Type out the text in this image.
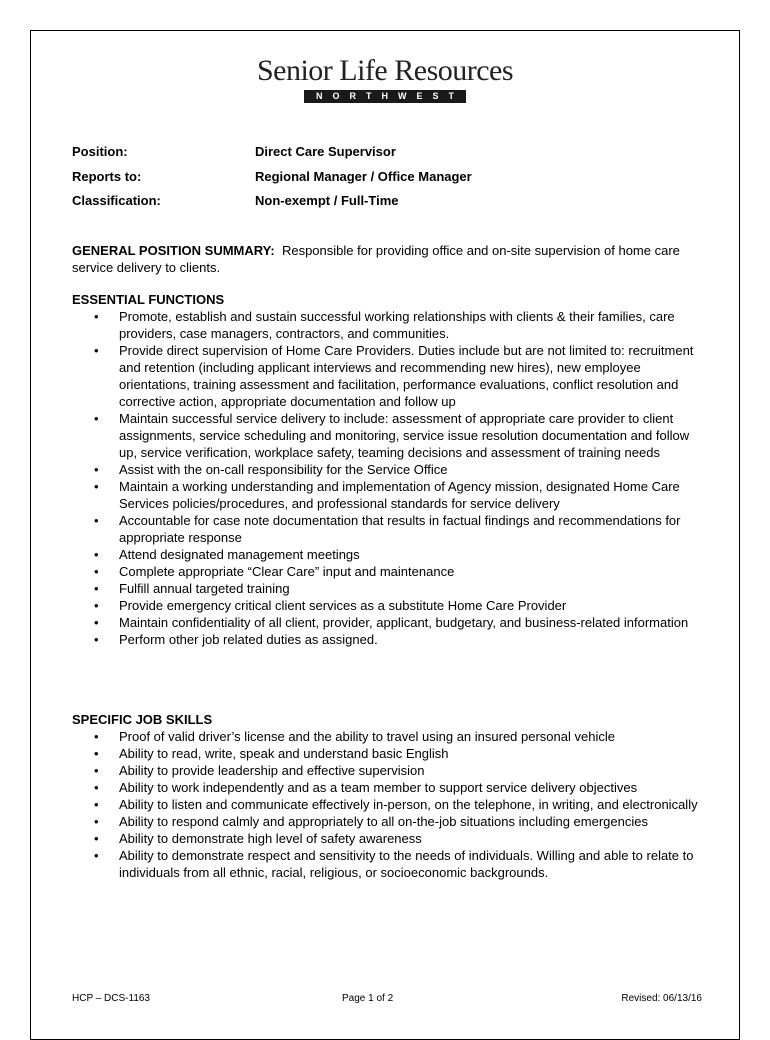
Senior Life Resources
NORTHWEST
Position:	Direct Care Supervisor
Reports to:	Regional Manager / Office Manager
Classification:	Non-exempt / Full-Time
GENERAL POSITION SUMMARY: Responsible for providing office and on-site supervision of home care service delivery to clients.
ESSENTIAL FUNCTIONS
• Promote, establish and sustain successful working relationships with clients & their families, care providers, case managers, contractors, and communities.
• Provide direct supervision of Home Care Providers. Duties include but are not limited to: recruitment and retention (including applicant interviews and recommending new hires), new employee orientations, training assessment and facilitation, performance evaluations, conflict resolution and corrective action, appropriate documentation and follow up
• Maintain successful service delivery to include: assessment of appropriate care provider to client assignments, service scheduling and monitoring, service issue resolution documentation and follow up, service verification, workplace safety, teaming decisions and assessment of training needs
• Assist with the on-call responsibility for the Service Office
• Maintain a working understanding and implementation of Agency mission, designated Home Care Services policies/procedures, and professional standards for service delivery
• Accountable for case note documentation that results in factual findings and recommendations for appropriate response
• Attend designated management meetings
• Complete appropriate “Clear Care” input and maintenance
• Fulfill annual targeted training
• Provide emergency critical client services as a substitute Home Care Provider
• Maintain confidentiality of all client, provider, applicant, budgetary, and business-related information
• Perform other job related duties as assigned.
SPECIFIC JOB SKILLS
• Proof of valid driver’s license and the ability to travel using an insured personal vehicle
• Ability to read, write, speak and understand basic English
• Ability to provide leadership and effective supervision
• Ability to work independently and as a team member to support service delivery objectives
• Ability to listen and communicate effectively in-person, on the telephone, in writing, and electronically
• Ability to respond calmly and appropriately to all on-the-job situations including emergencies
• Ability to demonstrate high level of safety awareness
• Ability to demonstrate respect and sensitivity to the needs of individuals. Willing and able to relate to individuals from all ethnic, racial, religious, or socioeconomic backgrounds.
HCP – DCS-1163	Page 1 of 2	Revised: 06/13/16
